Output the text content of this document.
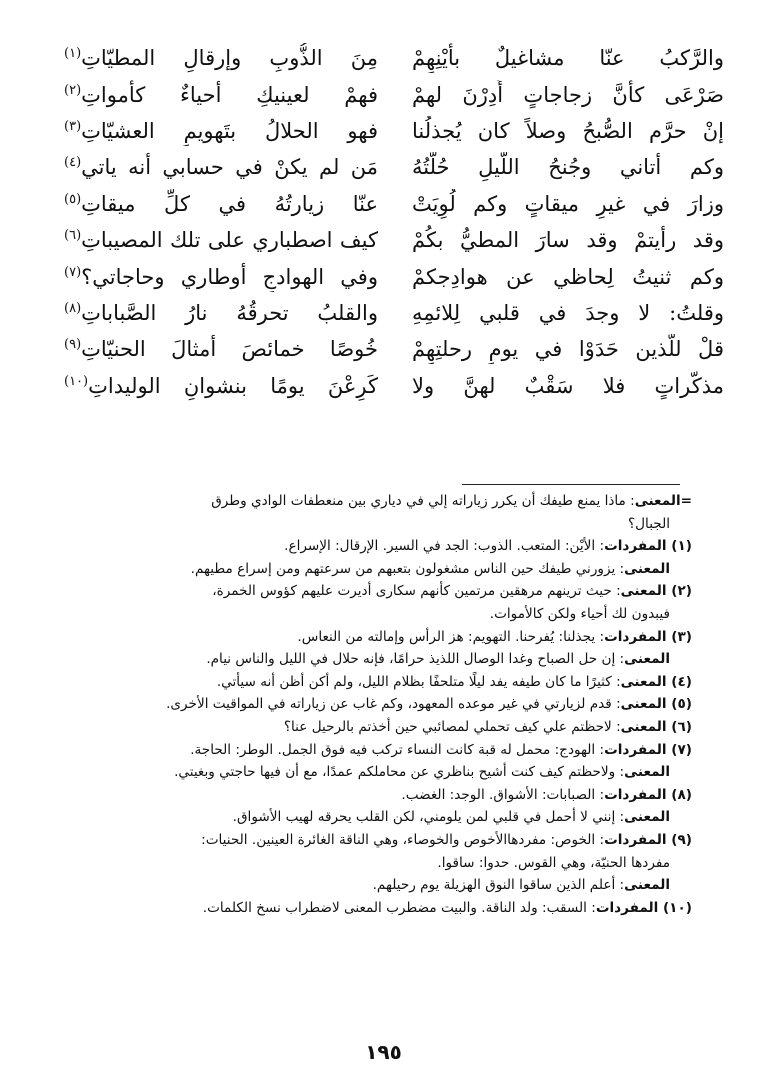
والرَّكبُ عنّا مشاغيلٌ بأيْنِهِمْ
مِنَ الذُّوبِ وإرقالِ المطيّاتِ$^{(١)}$
صَرْعَى كأنَّ زجاجاتٍ أُدِرْنَ لهمْ
فهمْ لعينيكِ أحياءٌ كأمواتِ$^{(٢)}$
إنْ حرَّم الصُّبحُ وصلاً كان يُجذلُنا
فهو الحلالُ بتَهويمِ العشيّاتِ$^{(٣)}$
وكم أتاني وجُنحُ اللَّيلِ حُلَّتُهُ
مَن لم يكنْ في حسابي أنه ياتي$^{(٤)}$
وزارَ في غيرِ ميقاتٍ وكم لُوِيَتْ
عنّا زيارتُهُ في كلِّ ميقاتِ$^{(٥)}$
وقد رأيتمْ وقد سارَ المطيُّ بكُمْ
كيف اصطباري على تلك المصيباتِ$^{(٦)}$
وكم ثنيتُ لِحاظي عن هوادِجكمْ
وفي الهوادجِ أوطاري وحاجاتي؟$^{(٧)}$
وقلتُ: لا وجدَ في قلبي لِلائمِهِ
والقلبُ تحرقُهُ نارُ الصَّباباتِ$^{(٨)}$
قلْ للَّذين حَدَوْا في يومِ رحلتِهِمْ
خُوصًا خمائصَ أمثالَ الحنيّاتِ$^{(٩)}$
مذكَّراتٍ فلا سَقْبٌ لهنَّ ولا
كَرِعْنَ يومًا بنشوانِ الوليداتِ$^{(١٠)}$
=المعنى: ماذا يمنع طيفك أن يكرر زياراته إلي في دياري بين منعطفات الوادي وطرق
الجبال؟
(١) المفردات: الأيْن: المتعب. الذوب: الجد في السير. الإرقال: الإسراع.
المعنى: يزورني طيفك حين الناس مشغولون بتعبهم من سرعتهم ومن إسراع مطيهم.
(٢) المعنى: حيث ترينهم مرهقين مرتمين كأنهم سكارى أديرت عليهم كؤوس الخمرة،
فيبدون لك أحياء ولكن كالأموات.
(٣) المفردات: يجذلنا: يُفرحنا. التهويم: هز الرأس وإمالته من النعاس.
المعنى: إن حل الصباح وغدا الوصال اللذيذ حرامًا، فإنه حلال في الليل والناس نيام.
(٤) المعنى: كثيرًا ما كان طيفه يفد ليلًا متلحفًا بظلام الليل، ولم أكن أظن أنه سيأتي.
(٥) المعنى: قدم لزيارتي في غير موعده المعهود، وكم غاب عن زياراته في المواقيت الأخرى.
(٦) المعنى: لاحظتم علي كيف تحملي لمصائبي حين أخذتم بالرحيل عنا؟
(٧) المفردات: الهودج: محمل له قبة كانت النساء تركب فيه فوق الجمل. الوطر: الحاجة.
المعنى: ولاحظتم كيف كنت أشيح بناظري عن محاملكم عمدًا، مع أن فيها حاجتي وبغيتي.
(٨) المفردات: الصبابات: الأشواق. الوجد: الغضب.
المعنى: إنني لا أحمل في قلبي لمن يلومني، لكن القلب يحرقه لهيب الأشواق.
(٩) المفردات: الخوص: مفردهاالأخوص والخوصاء، وهي الناقة الغائرة العينين. الحنيات:
مفردها الحنيّة، وهي القوس. حدوا: ساقوا.
المعنى: أعلم الذين ساقوا النوق الهزيلة يوم رحيلهم.
(١٠) المفردات: السقب: ولد الناقة. والبيت مضطرب المعنى لاضطراب نسخ الكلمات.
١٩٥
